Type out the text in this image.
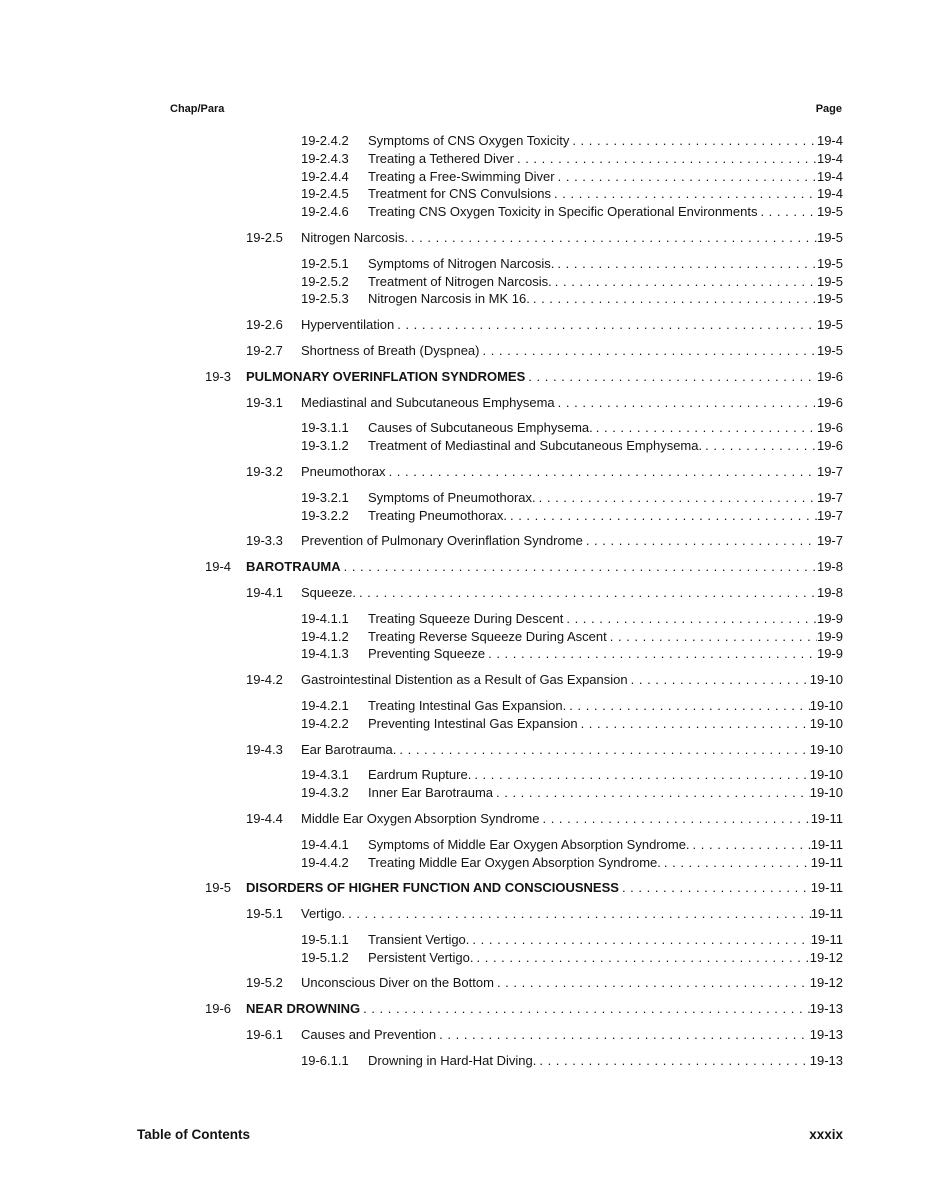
Chap/Para	Page
19-2.4.2	Symptoms of CNS Oxygen Toxicity . . .	19-4
19-2.4.3	Treating a Tethered Diver . . .	19-4
19-2.4.4	Treating a Free-Swimming Diver . . .	19-4
19-2.4.5	Treatment for CNS Convulsions . . .	19-4
19-2.4.6	Treating CNS Oxygen Toxicity in Specific Operational Environments . . .	19-5
19-2.5	Nitrogen Narcosis. . . .	19-5
19-2.5.1	Symptoms of Nitrogen Narcosis. . . .	19-5
19-2.5.2	Treatment of Nitrogen Narcosis. . . .	19-5
19-2.5.3	Nitrogen Narcosis in MK 16. . . .	19-5
19-2.6	Hyperventilation . . .	19-5
19-2.7	Shortness of Breath (Dyspnea) . . .	19-5
19-3	PULMONARY OVERINFLATION SYNDROMES . . .	19-6
19-3.1	Mediastinal and Subcutaneous Emphysema . . .	19-6
19-3.1.1	Causes of Subcutaneous Emphysema. . . .	19-6
19-3.1.2	Treatment of Mediastinal and Subcutaneous Emphysema. . . .	19-6
19-3.2	Pneumothorax . . .	19-7
19-3.2.1	Symptoms of Pneumothorax. . . .	19-7
19-3.2.2	Treating Pneumothorax. . . .	19-7
19-3.3	Prevention of Pulmonary Overinflation Syndrome . . .	19-7
19-4	BAROTRAUMA . . .	19-8
19-4.1	Squeeze. . . .	19-8
19-4.1.1	Treating Squeeze During Descent . . .	19-9
19-4.1.2	Treating Reverse Squeeze During Ascent . . .	19-9
19-4.1.3	Preventing Squeeze . . .	19-9
19-4.2	Gastrointestinal Distention as a Result of Gas Expansion . . .	19-10
19-4.2.1	Treating Intestinal Gas Expansion. . . .	19-10
19-4.2.2	Preventing Intestinal Gas Expansion . . .	19-10
19-4.3	Ear Barotrauma. . . .	19-10
19-4.3.1	Eardrum Rupture. . . .	19-10
19-4.3.2	Inner Ear Barotrauma . . .	19-10
19-4.4	Middle Ear Oxygen Absorption Syndrome . . .	19-11
19-4.4.1	Symptoms of Middle Ear Oxygen Absorption Syndrome. . . .	19-11
19-4.4.2	Treating Middle Ear Oxygen Absorption Syndrome. . . .	19-11
19-5	DISORDERS OF HIGHER FUNCTION AND CONSCIOUSNESS . . .	19-11
19-5.1	Vertigo. . . .	19-11
19-5.1.1	Transient Vertigo. . . .	19-11
19-5.1.2	Persistent Vertigo. . . .	19-12
19-5.2	Unconscious Diver on the Bottom . . .	19-12
19-6	NEAR DROWNING . . .	19-13
19-6.1	Causes and Prevention . . .	19-13
19-6.1.1	Drowning in Hard-Hat Diving. . . .	19-13
Table of Contents	xxxix
